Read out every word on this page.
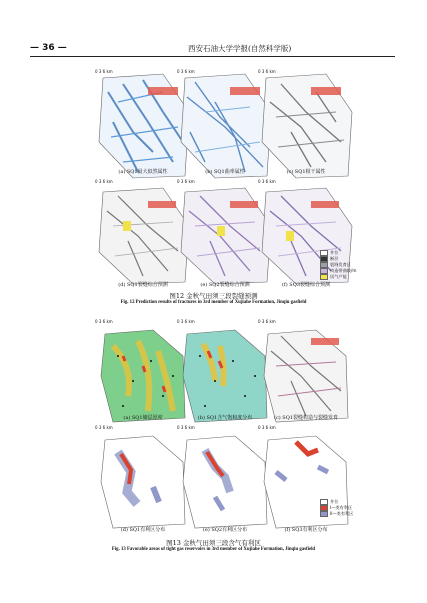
— 36 —	西安石油大学学报(自然科学版)
0 3 6 km	0 3 6 km	0 3 6 km
(a) SQ1最大似然属性	(b) SQ1曲率属性	(c) SQ1相干属性
0 3 6 km	0 3 6 km	0 3 6 km
井位
断层
裂缝发育区
构造带曲线/m
试气产能
(d) SQ1裂缝综合预测	(e) SQ2裂缝综合预测	(f) SQ3裂缝综合预测
图12 金秋气田须三段裂缝预测
Fig. 12 Prediction results of fractures in 3rd member of Xujiahe Formation, Jinqiu gasfield
0 3 6 km	0 3 6 km	0 3 6 km
(a) SQ1储层厚度	(b) SQ1含气饱和度分布	(c) SQ1裂缝构造与裂缝发育
0 3 6 km	0 3 6 km	0 3 6 km
井位
I—类有利区
II—类有利区
(d) SQ1有利区分布	(e) SQ2有利区分布	(f) SQ3有利区分布
图13 金秋气田须三段含气有利区
Fig. 13 Favorable areas of tight gas reservoirs in 3rd member of Xujiahe Formation, Jinqiu gasfield
